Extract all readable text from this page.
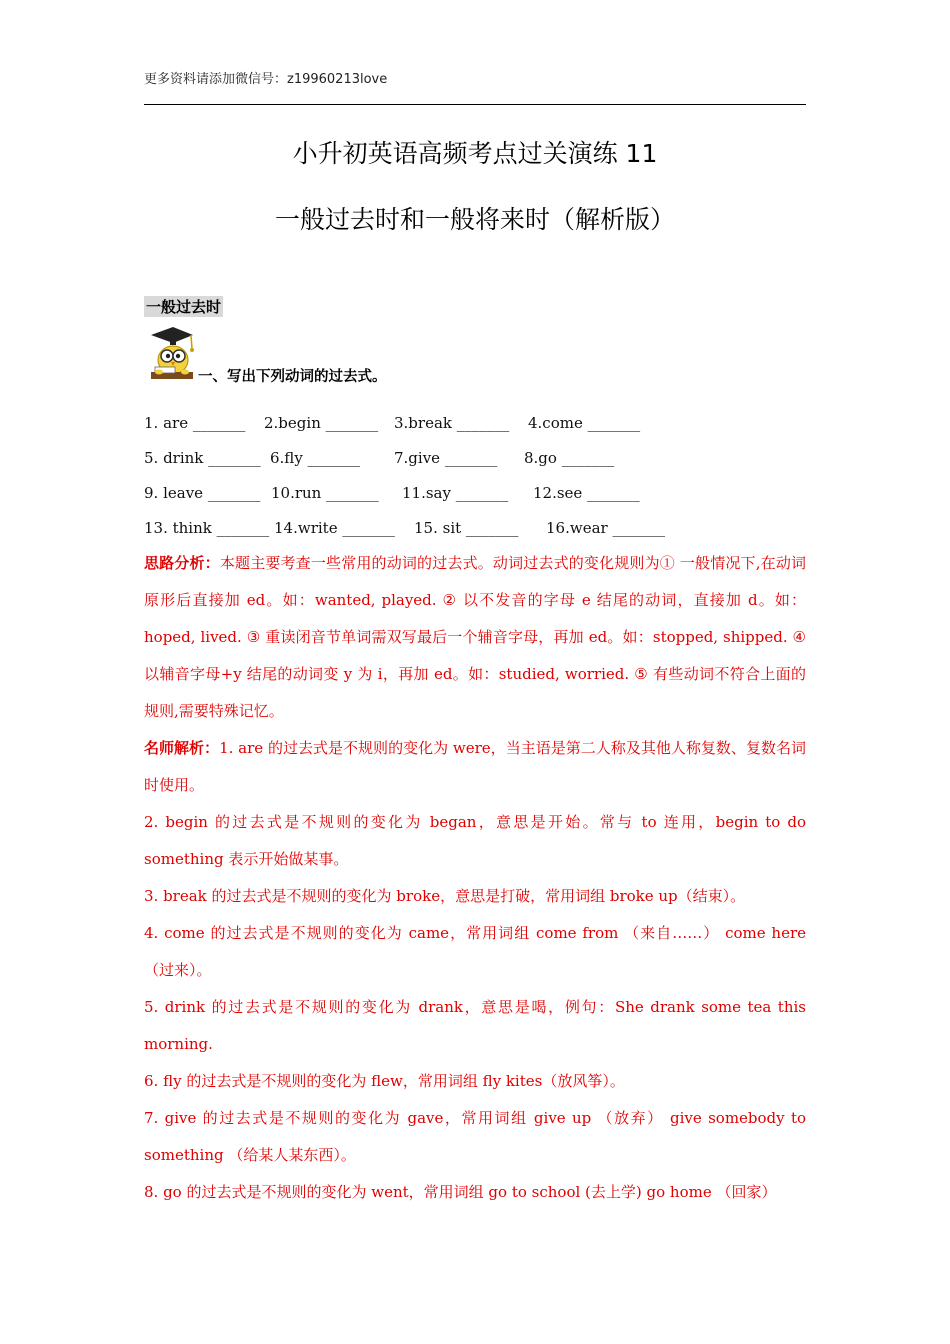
更多资料请添加微信号：z19960213love
小升初英语高频考点过关演练 11
一般过去时和一般将来时（解析版）
一般过去时
一、写出下列动词的过去式。
1. are _______ 2.begin _______ 3.break _______ 4.come _______
5. drink _______ 6.fly _______ 7.give _______ 8.go _______
9. leave _______ 10.run _______ 11.say _______ 12.see _______
13. think _______ 14.write _______ 15. sit _______ 16.wear _______

思路分析：本题主要考查一些常用的动词的过去式。动词过去式的变化规则为① 一般情况下,在动词原形后直接加 ed。如：wanted, played. ② 以不发音的字母 e 结尾的动词，直接加 d。如：hoped, lived. ③ 重读闭音节单词需双写最后一个辅音字母，再加 ed。如：stopped, shipped. ④ 以辅音字母+y 结尾的动词变 y 为 i，再加 ed。如：studied, worried. ⑤ 有些动词不符合上面的规则,需要特殊记忆。

名师解析：1. are 的过去式是不规则的变化为 were，当主语是第二人称及其他人称复数、复数名词时使用。

2. begin 的过去式是不规则的变化为 began，意思是开始。常与 to 连用，begin to do something 表示开始做某事。

3. break 的过去式是不规则的变化为 broke，意思是打破，常用词组 broke up（结束）。

4. come 的过去式是不规则的变化为 came，常用词组 come from （来自……） come here （过来）。

5. drink 的过去式是不规则的变化为 drank，意思是喝，例句：She drank some tea this morning.

6. fly 的过去式是不规则的变化为 flew，常用词组 fly kites（放风筝）。

7. give 的过去式是不规则的变化为 gave，常用词组 give up （放弃） give somebody to something （给某人某东西）。

8. go 的过去式是不规则的变化为 went，常用词组 go to school (去上学) go home （回家）
